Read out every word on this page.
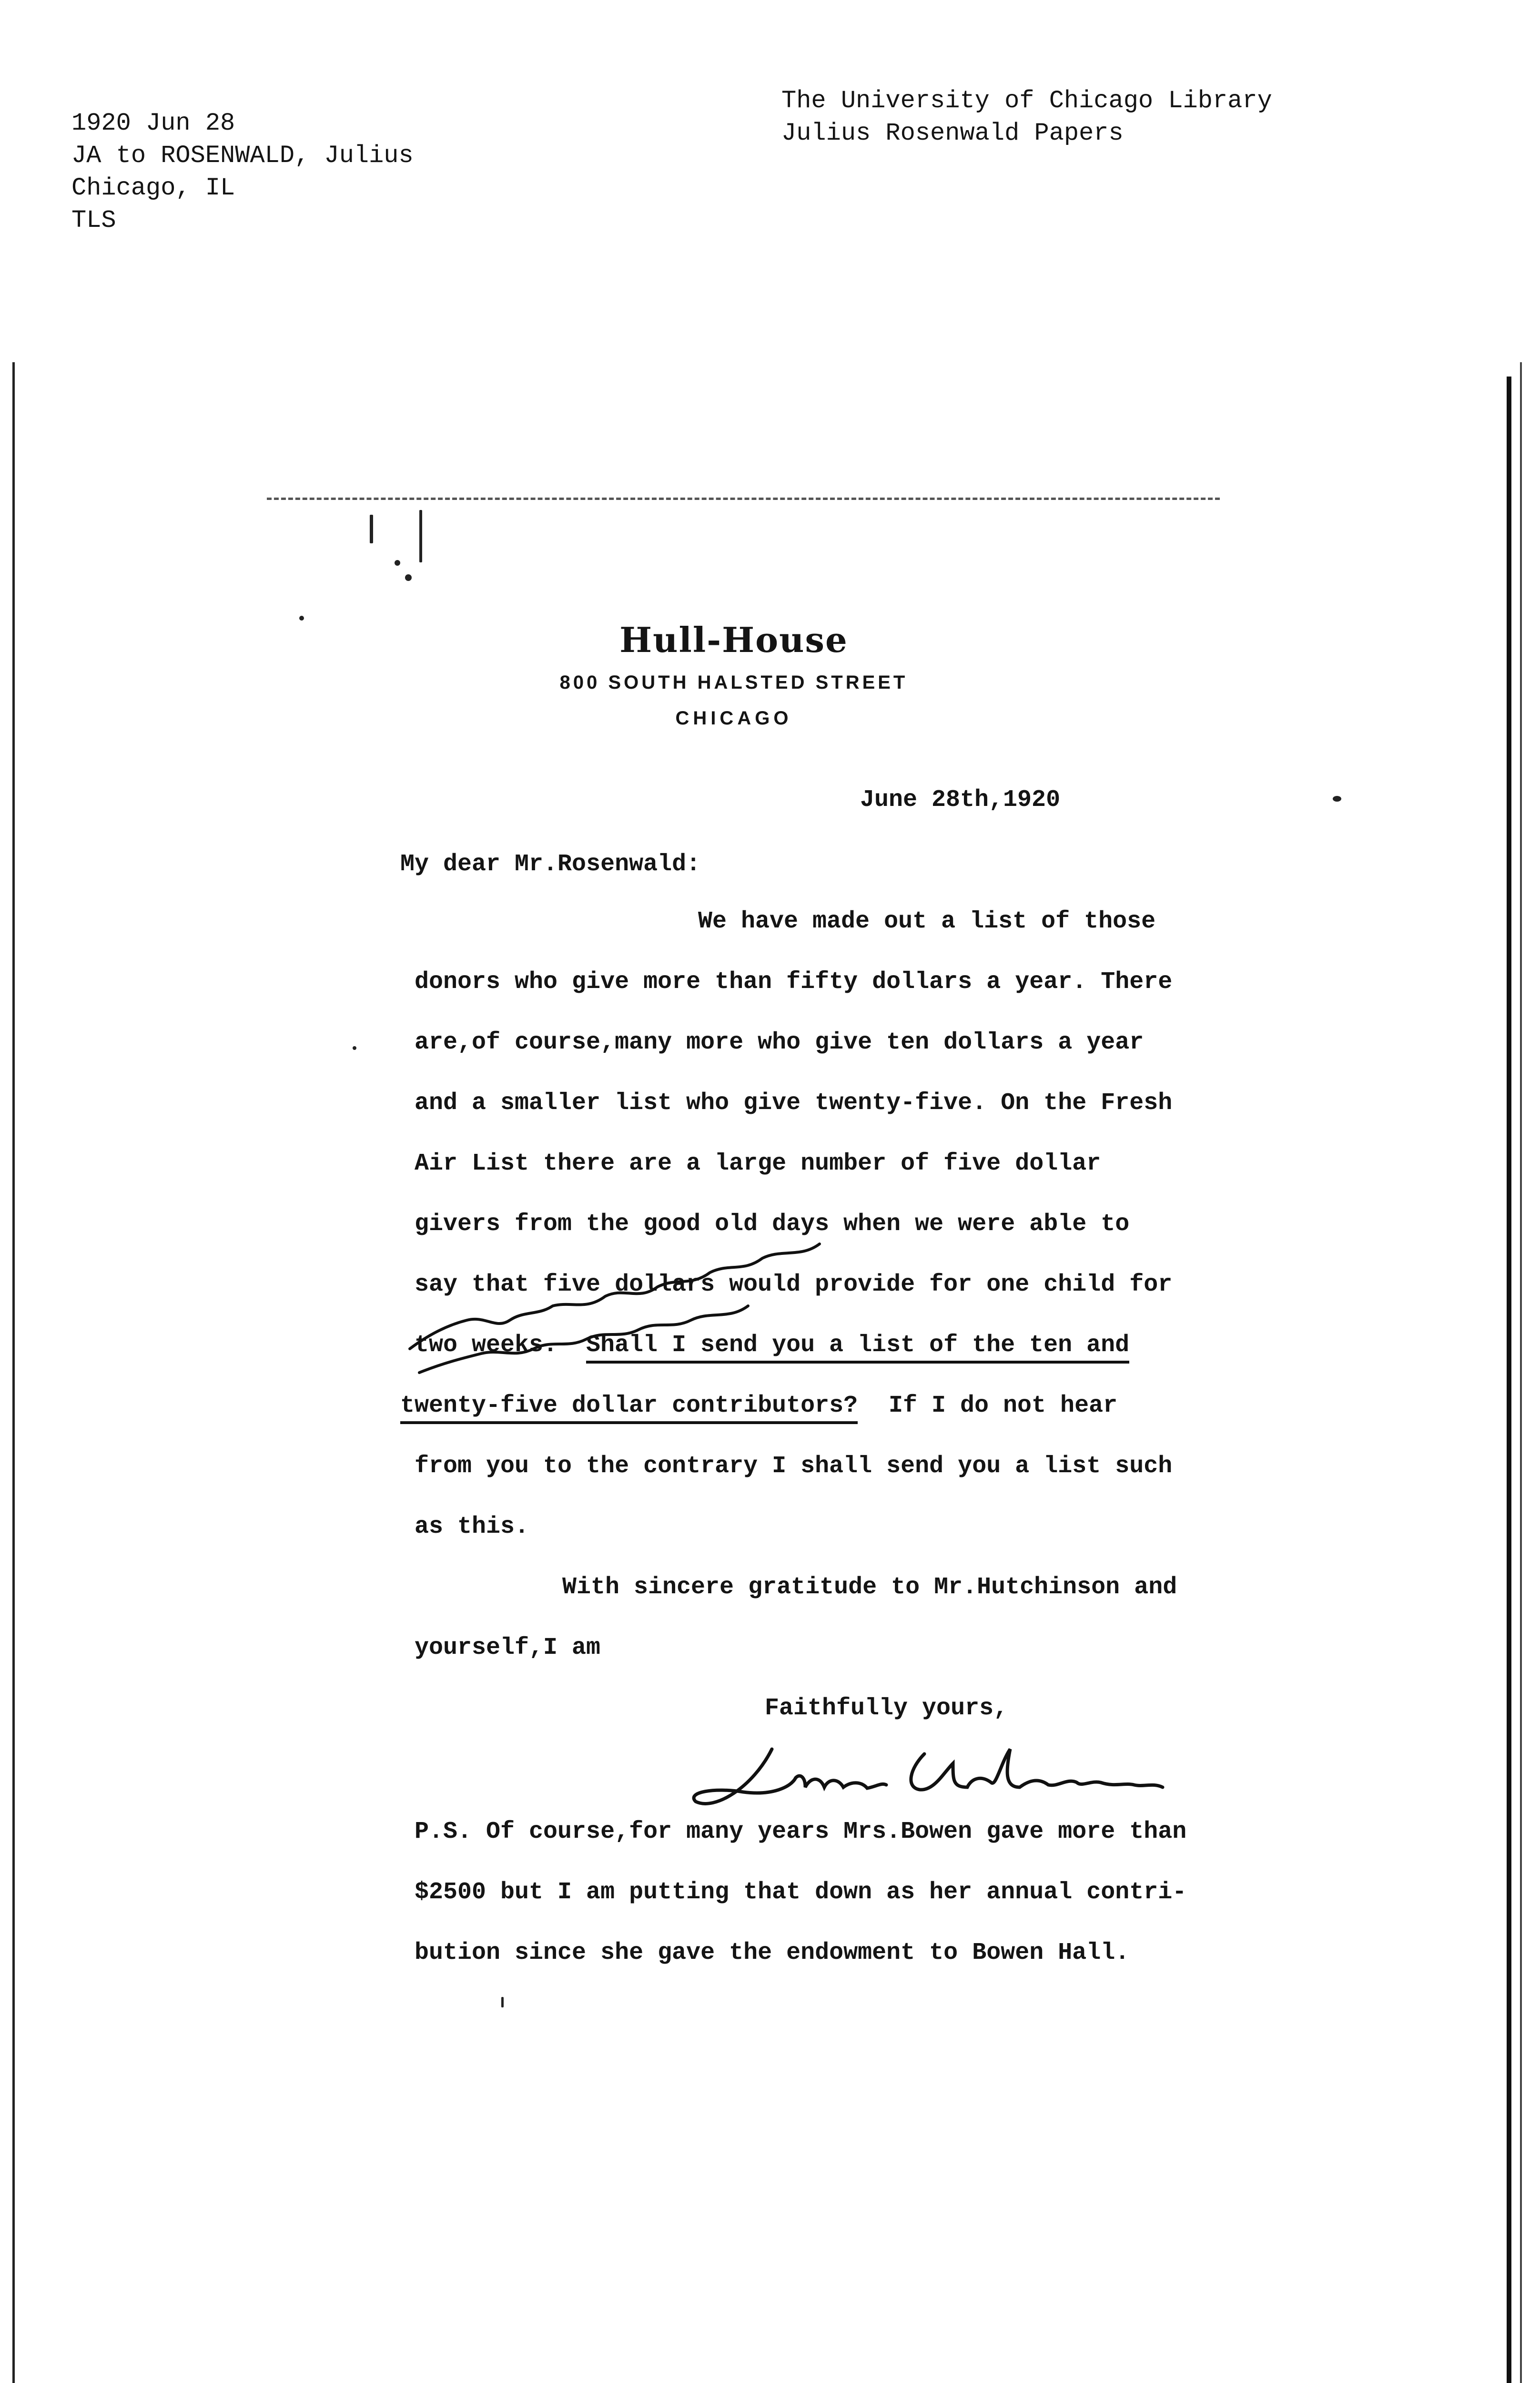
1920 Jun 28
JA to ROSENWALD, Julius
Chicago, IL
TLS
The University of Chicago Library
Julius Rosenwald Papers
Hull-House
800 SOUTH HALSTED STREET
CHICAGO
June 28th,1920
My dear Mr.Rosenwald:
We have made out a list of those
donors who give more than fifty dollars a year. There
are,of course,many more who give ten dollars a year
and a smaller list who give twenty-five. On the Fresh
Air List there are a large number of five dollar
givers from the good old days when we were able to
say that five dollars would provide for one child for
two weeks. Shall I send you a list of the ten and
twenty-five dollar contributors? If I do not hear
from you to the contrary I shall send you a list such
as this.
With sincere gratitude to Mr.Hutchinson and
yourself,I am
Faithfully yours,
P.S. Of course,for many years Mrs.Bowen gave more than
$2500 but I am putting that down as her annual contri-
bution since she gave the endowment to Bowen Hall.
